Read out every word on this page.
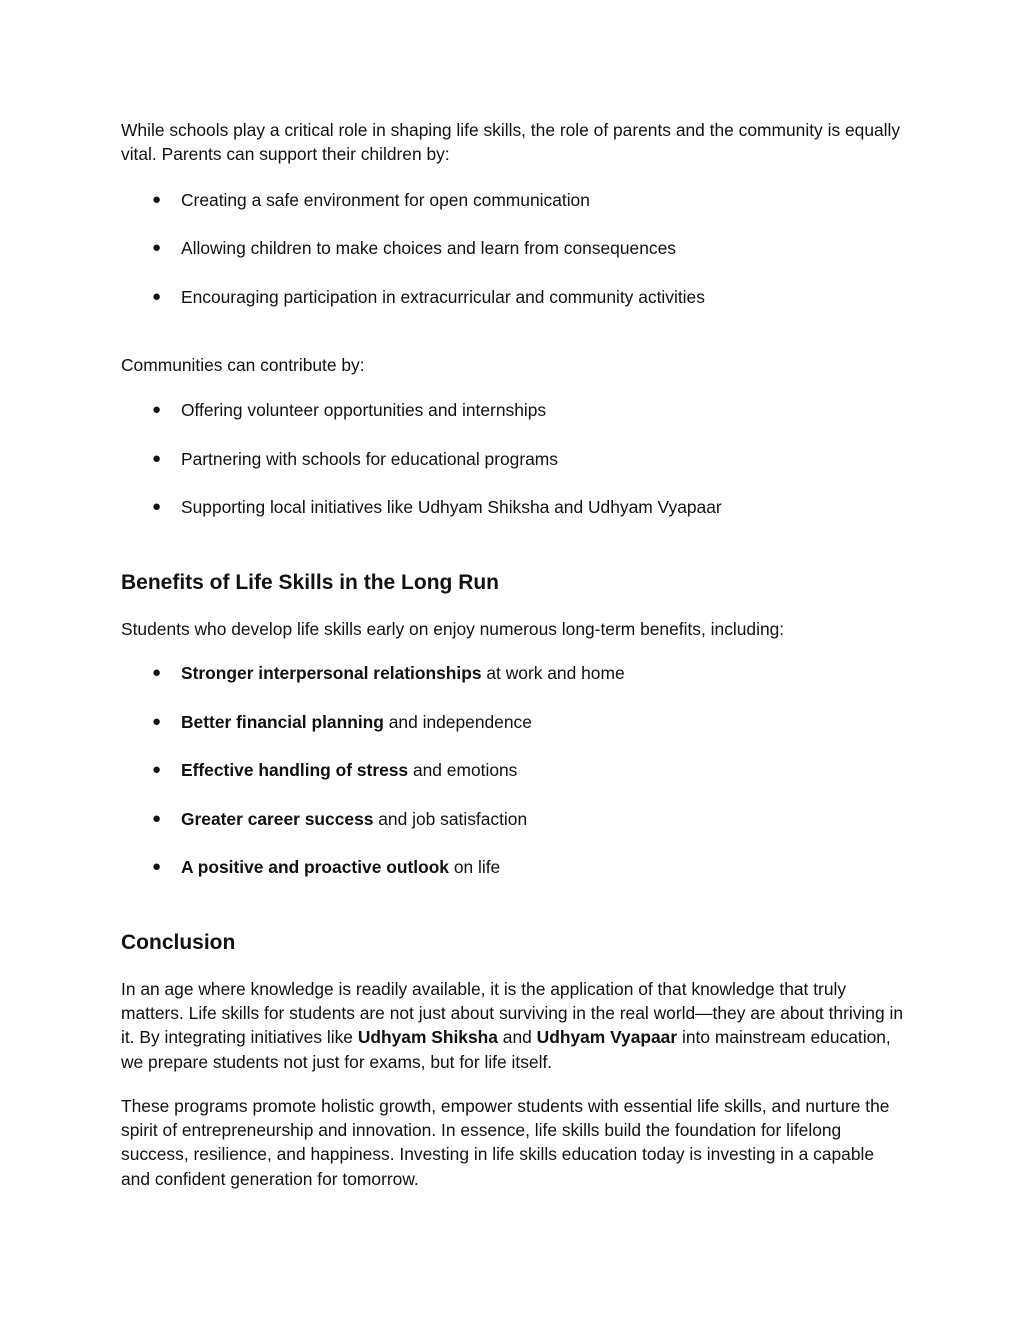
While schools play a critical role in shaping life skills, the role of parents and the community is equally vital. Parents can support their children by:

● Creating a safe environment for open communication
● Allowing children to make choices and learn from consequences
● Encouraging participation in extracurricular and community activities

Communities can contribute by:

● Offering volunteer opportunities and internships
● Partnering with schools for educational programs
● Supporting local initiatives like Udhyam Shiksha and Udhyam Vyapaar
Benefits of Life Skills in the Long Run

Students who develop life skills early on enjoy numerous long-term benefits, including:

● Stronger interpersonal relationships at work and home
● Better financial planning and independence
● Effective handling of stress and emotions
● Greater career success and job satisfaction
● A positive and proactive outlook on life
Conclusion

In an age where knowledge is readily available, it is the application of that knowledge that truly matters. Life skills for students are not just about surviving in the real world—they are about thriving in it. By integrating initiatives like Udhyam Shiksha and Udhyam Vyapaar into mainstream education, we prepare students not just for exams, but for life itself.

These programs promote holistic growth, empower students with essential life skills, and nurture the spirit of entrepreneurship and innovation. In essence, life skills build the foundation for lifelong success, resilience, and happiness. Investing in life skills education today is investing in a capable and confident generation for tomorrow.
